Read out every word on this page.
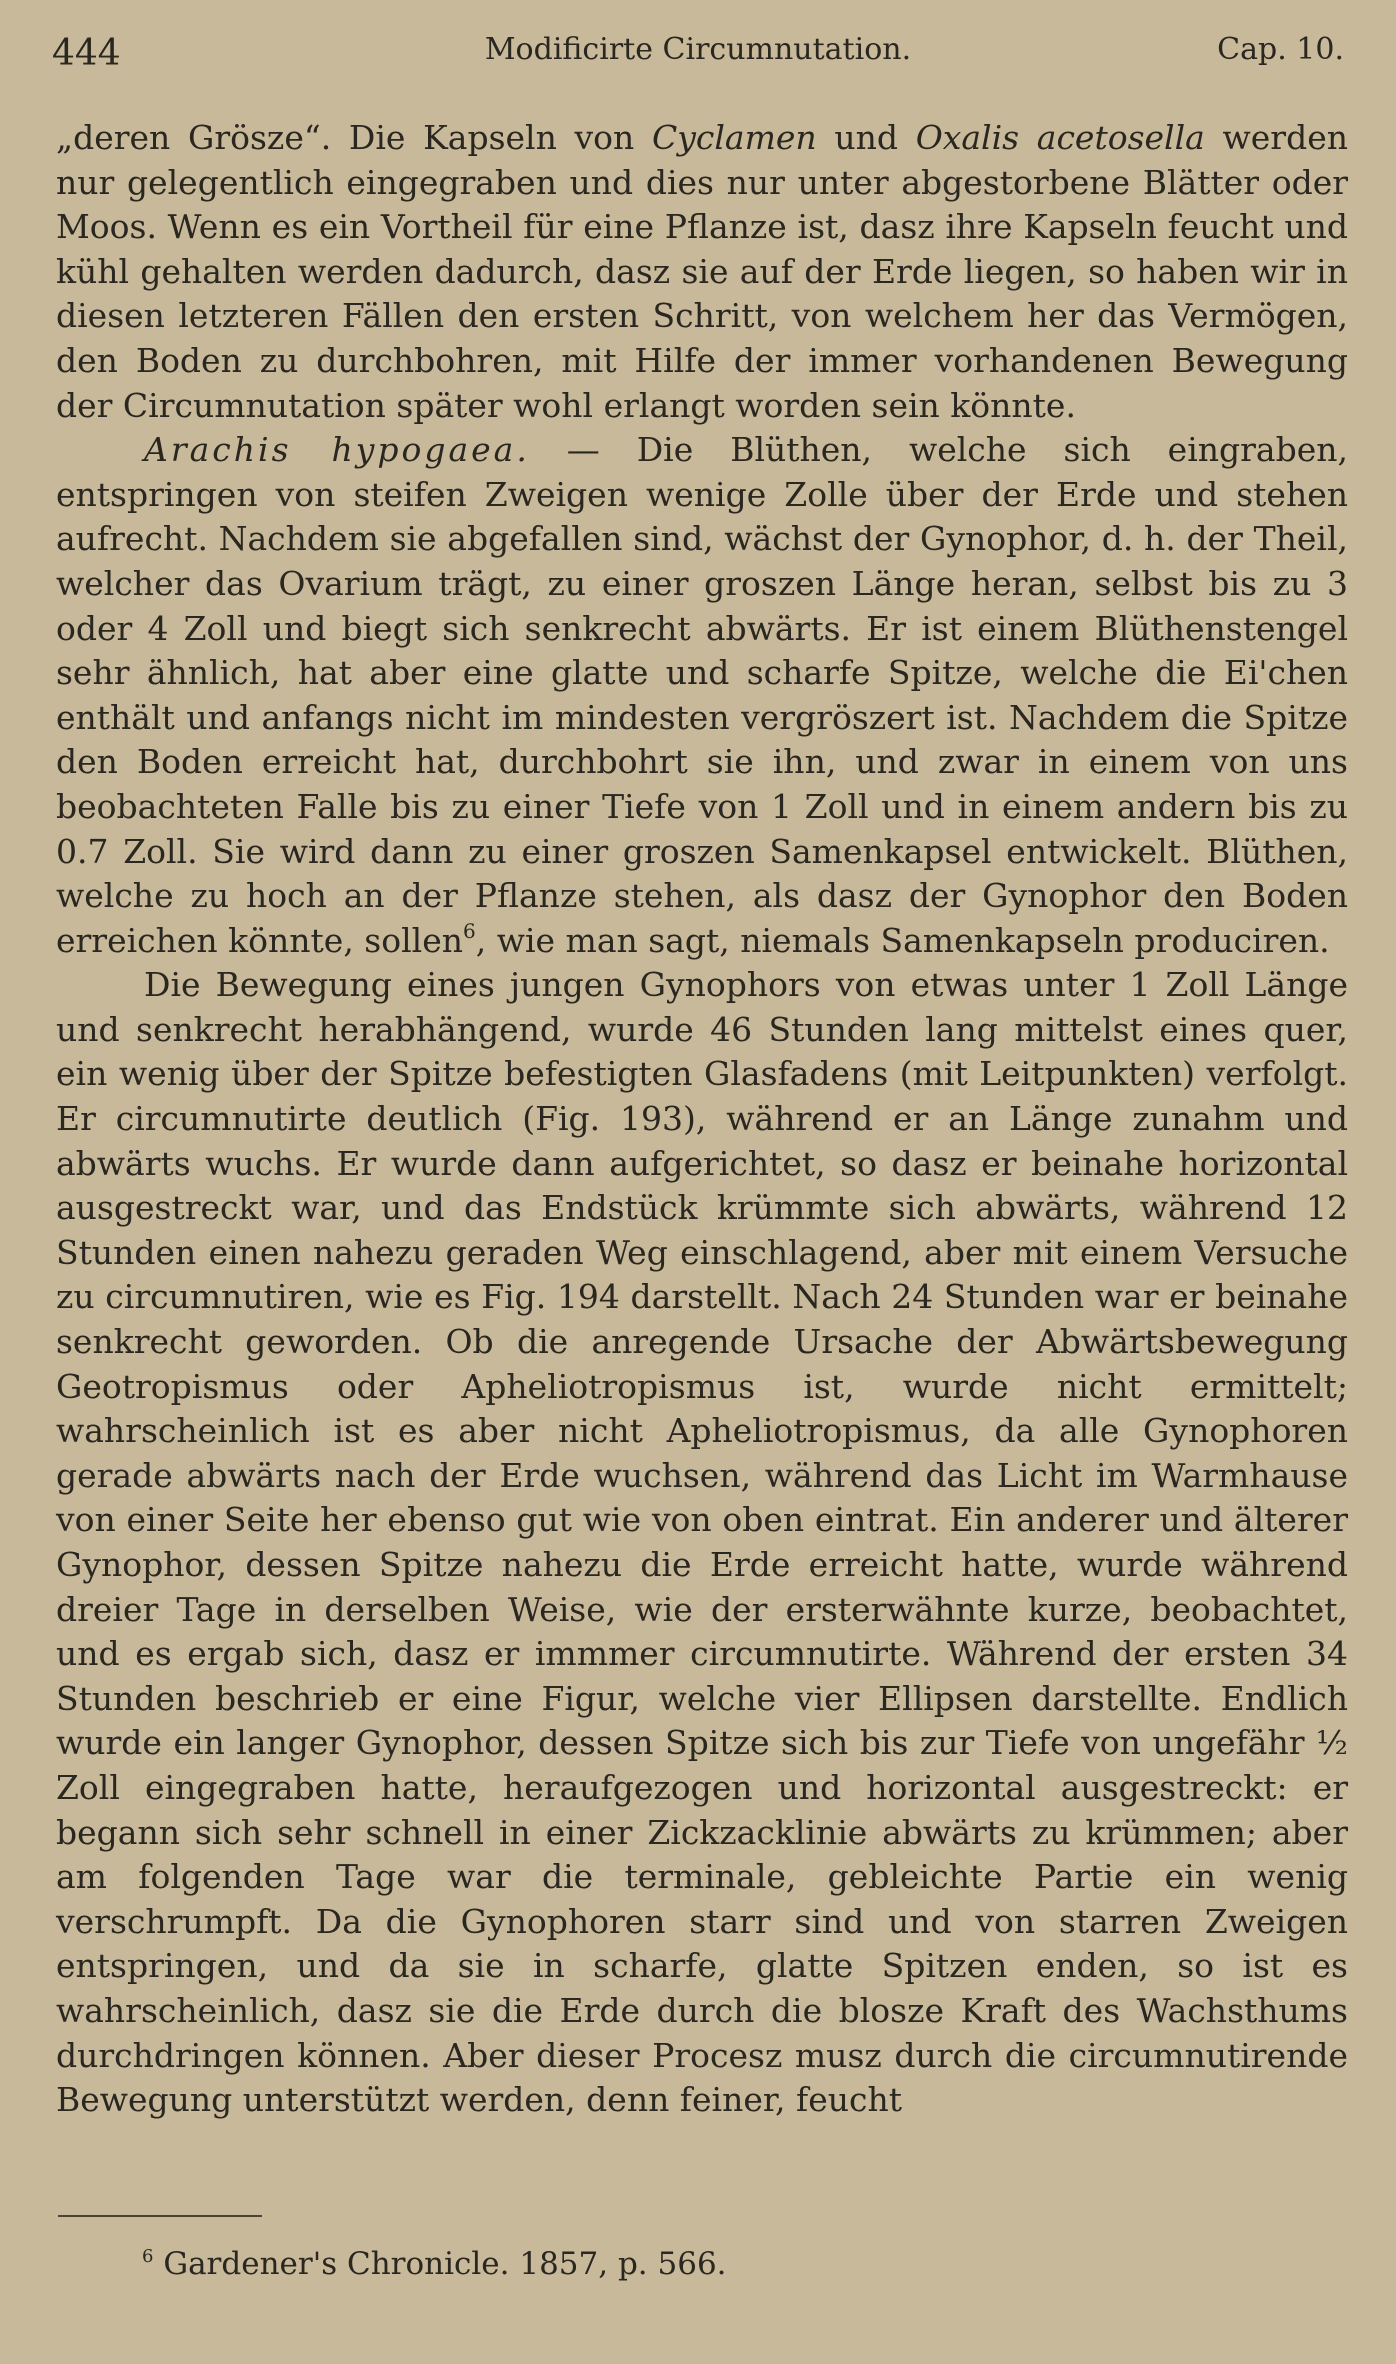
444	Modificirte Circumnutation.	Cap. 10.

„deren Grösze“. Die Kapseln von Cyclamen und Oxalis acetosella werden nur gelegentlich eingegraben und dies nur unter abgestorbene Blätter oder Moos. Wenn es ein Vortheil für eine Pflanze ist, dasz ihre Kapseln feucht und kühl gehalten werden dadurch, dasz sie auf der Erde liegen, so haben wir in diesen letzteren Fällen den ersten Schritt, von welchem her das Vermögen, den Boden zu durchbohren, mit Hilfe der immer vorhandenen Bewegung der Circumnutation später wohl erlangt worden sein könnte.

Arachis hypogaea. — Die Blüthen, welche sich eingraben, entspringen von steifen Zweigen wenige Zolle über der Erde und stehen aufrecht. Nachdem sie abgefallen sind, wächst der Gynophor, d. h. der Theil, welcher das Ovarium trägt, zu einer groszen Länge heran, selbst bis zu 3 oder 4 Zoll und biegt sich senkrecht abwärts. Er ist einem Blüthenstengel sehr ähnlich, hat aber eine glatte und scharfe Spitze, welche die Ei'chen enthält und anfangs nicht im mindesten vergröszert ist. Nachdem die Spitze den Boden erreicht hat, durchbohrt sie ihn, und zwar in einem von uns beobachteten Falle bis zu einer Tiefe von 1 Zoll und in einem andern bis zu 0.7 Zoll. Sie wird dann zu einer groszen Samenkapsel entwickelt. Blüthen, welche zu hoch an der Pflanze stehen, als dasz der Gynophor den Boden erreichen könnte, sollen$^6$, wie man sagt, niemals Samenkapseln produciren.

Die Bewegung eines jungen Gynophors von etwas unter 1 Zoll Länge und senkrecht herabhängend, wurde 46 Stunden lang mittelst eines quer, ein wenig über der Spitze befestigten Glasfadens (mit Leitpunkten) verfolgt. Er circumnutirte deutlich (Fig. 193), während er an Länge zunahm und abwärts wuchs. Er wurde dann aufgerichtet, so dasz er beinahe horizontal ausgestreckt war, und das Endstück krümmte sich abwärts, während 12 Stunden einen nahezu geraden Weg einschlagend, aber mit einem Versuche zu circumnutiren, wie es Fig. 194 darstellt. Nach 24 Stunden war er beinahe senkrecht geworden. Ob die anregende Ursache der Abwärtsbewegung Geotropismus oder Apheliotropismus ist, wurde nicht ermittelt; wahrscheinlich ist es aber nicht Apheliotropismus, da alle Gynophoren gerade abwärts nach der Erde wuchsen, während das Licht im Warmhause von einer Seite her ebenso gut wie von oben eintrat. Ein anderer und älterer Gynophor, dessen Spitze nahezu die Erde erreicht hatte, wurde während dreier Tage in derselben Weise, wie der ersterwähnte kurze, beobachtet, und es ergab sich, dasz er immmer circumnutirte. Während der ersten 34 Stunden beschrieb er eine Figur, welche vier Ellipsen darstellte. Endlich wurde ein langer Gynophor, dessen Spitze sich bis zur Tiefe von ungefähr ½ Zoll eingegraben hatte, heraufgezogen und horizontal ausgestreckt: er begann sich sehr schnell in einer Zickzacklinie abwärts zu krümmen; aber am folgenden Tage war die terminale, gebleichte Partie ein wenig verschrumpft. Da die Gynophoren starr sind und von starren Zweigen entspringen, und da sie in scharfe, glatte Spitzen enden, so ist es wahrscheinlich, dasz sie die Erde durch die blosze Kraft des Wachsthums durchdringen können. Aber dieser Procesz musz durch die circumnutirende Bewegung unterstützt werden, denn feiner, feucht

$^6$ Gardener's Chronicle. 1857, p. 566.
